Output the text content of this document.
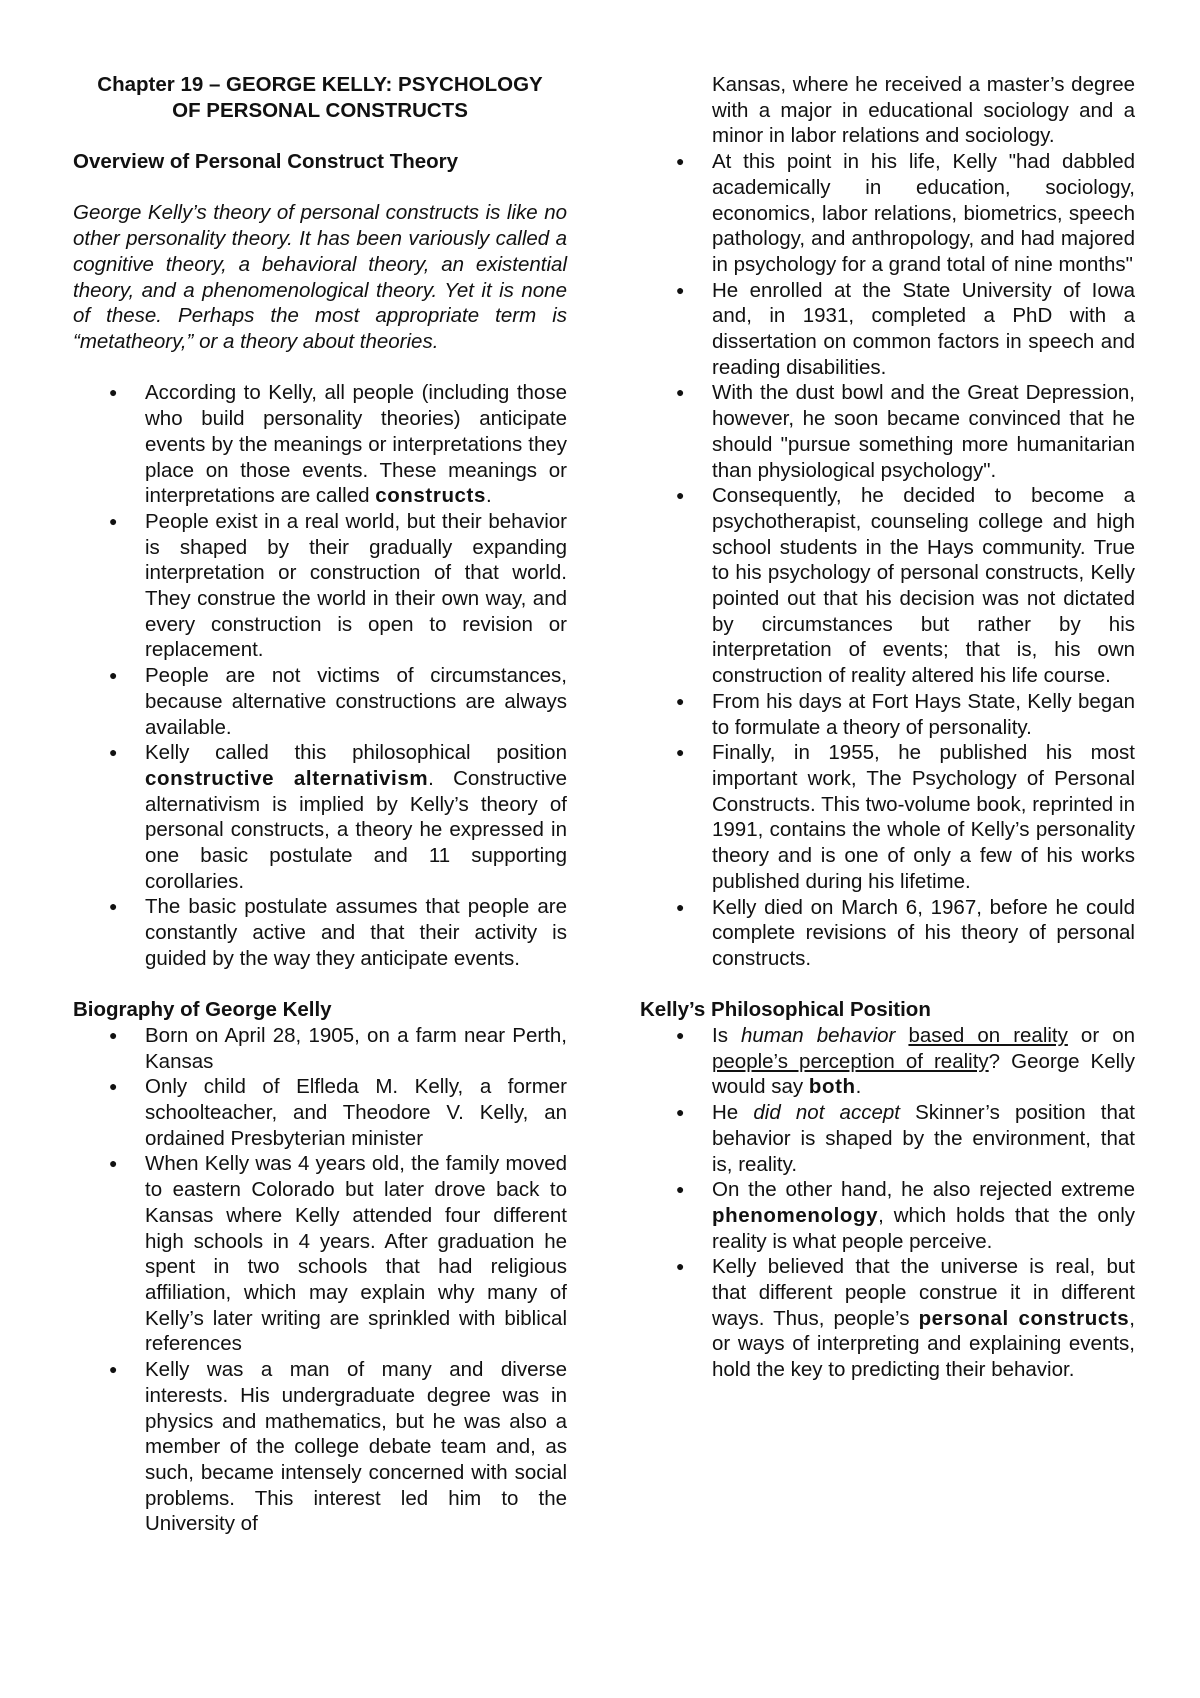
Chapter 19 – GEORGE KELLY: PSYCHOLOGY
OF PERSONAL CONSTRUCTS

Overview of Personal Construct Theory

George Kelly’s theory of personal constructs is like no other personality theory. It has been variously called a cognitive theory, a behavioral theory, an existential theory, and a phenomenological theory. Yet it is none of these. Perhaps the most appropriate term is “metatheory,” or a theory about theories.

● According to Kelly, all people (including those who build personality theories) anticipate events by the meanings or interpretations they place on those events. These meanings or interpretations are called constructs.
● People exist in a real world, but their behavior is shaped by their gradually expanding interpretation or construction of that world. They construe the world in their own way, and every construction is open to revision or replacement.
● People are not victims of circumstances, because alternative constructions are always available.
● Kelly called this philosophical position constructive alternativism. Constructive alternativism is implied by Kelly’s theory of personal constructs, a theory he expressed in one basic postulate and 11 supporting corollaries.
● The basic postulate assumes that people are constantly active and that their activity is guided by the way they anticipate events.

Biography of George Kelly

● Born on April 28, 1905, on a farm near Perth, Kansas
● Only child of Elfleda M. Kelly, a former schoolteacher, and Theodore V. Kelly, an ordained Presbyterian minister
● When Kelly was 4 years old, the family moved to eastern Colorado but later drove back to Kansas where Kelly attended four different high schools in 4 years. After graduation he spent in two schools that had religious affiliation, which may explain why many of Kelly’s later writing are sprinkled with biblical references
● Kelly was a man of many and diverse interests. His undergraduate degree was in physics and mathematics, but he was also a member of the college debate team and, as such, became intensely concerned with social problems. This interest led him to the University of

Kansas, where he received a master’s degree with a major in educational sociology and a minor in labor relations and sociology.

● At this point in his life, Kelly "had dabbled academically in education, sociology, economics, labor relations, biometrics, speech pathology, and anthropology, and had majored in psychology for a grand total of nine months"
● He enrolled at the State University of Iowa and, in 1931, completed a PhD with a dissertation on common factors in speech and reading disabilities.
● With the dust bowl and the Great Depression, however, he soon became convinced that he should "pursue something more humanitarian than physiological psychology".
● Consequently, he decided to become a psychotherapist, counseling college and high school students in the Hays community. True to his psychology of personal constructs, Kelly pointed out that his decision was not dictated by circumstances but rather by his interpretation of events; that is, his own construction of reality altered his life course.
● From his days at Fort Hays State, Kelly began to formulate a theory of personality.
● Finally, in 1955, he published his most important work, The Psychology of Personal Constructs. This two-volume book, reprinted in 1991, contains the whole of Kelly’s personality theory and is one of only a few of his works published during his lifetime.
● Kelly died on March 6, 1967, before he could complete revisions of his theory of personal constructs.

Kelly’s Philosophical Position

● Is human behavior based on reality or on people’s perception of reality? George Kelly would say both.
● He did not accept Skinner’s position that behavior is shaped by the environment, that is, reality.
● On the other hand, he also rejected extreme phenomenology, which holds that the only reality is what people perceive.
● Kelly believed that the universe is real, but that different people construe it in different ways. Thus, people’s personal constructs, or ways of interpreting and explaining events, hold the key to predicting their behavior.
